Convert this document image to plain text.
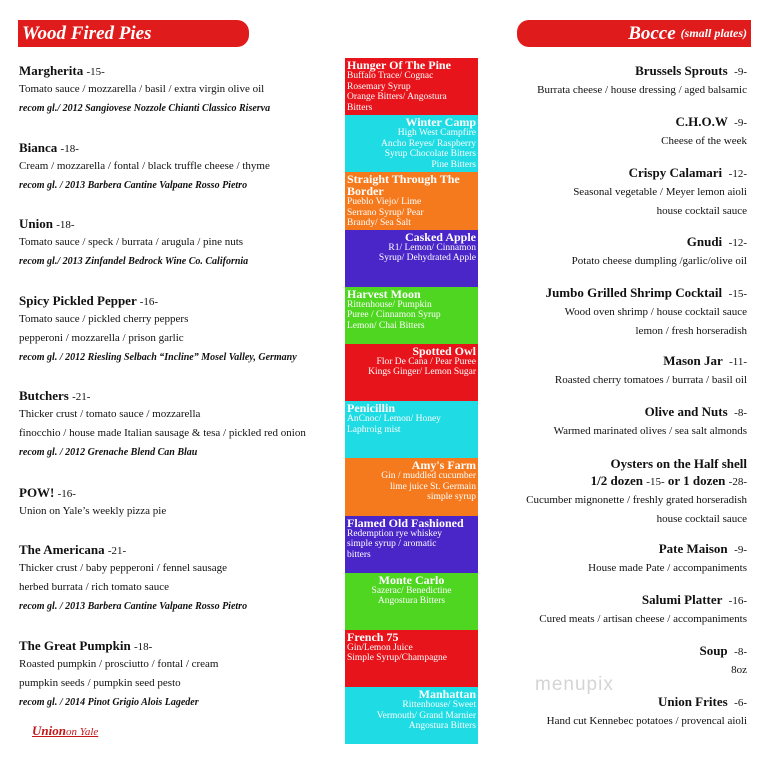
Wood Fired Pies	Bocce (small plates)
Margherita -15-
Tomato sauce / mozzarella / basil / extra virgin olive oil
recom gl./ 2012 Sangiovese Nozzole Chianti Classico Riserva
Bianca -18-
Cream / mozzarella / fontal / black truffle cheese / thyme
recom gl. / 2013 Barbera Cantine Valpane Rosso Pietro
Union -18-
Tomato sauce / speck / burrata / arugula / pine nuts
recom gl./ 2013 Zinfandel Bedrock Wine Co. California
Spicy Pickled Pepper -16-
Tomato sauce / pickled cherry peppers
pepperoni / mozzarella / prison garlic
recom gl. / 2012 Riesling Selbach “Incline” Mosel Valley, Germany
Butchers -21-
Thicker crust / tomato sauce / mozzarella
finocchio / house made Italian sausage & tesa / pickled red onion
recom gl. / 2012 Grenache Blend Can Blau
POW! -16-
Union on Yale’s weekly pizza pie
The Americana -21-
Thicker crust / baby pepperoni / fennel sausage
herbed burrata / rich tomato sauce
recom gl. / 2013 Barbera Cantine Valpane Rosso Pietro
The Great Pumpkin -18-
Roasted pumpkin / prosciutto / fontal / cream
pumpkin seeds / pumpkin seed pesto
recom gl. / 2014 Pinot Grigio Alois Lageder
Hunger Of The Pine
Buffalo Trace/ Cognac
Rosemary Syrup
Orange Bitters/ Angostura
Bitters
Winter Camp
High West Campfire
Ancho Reyes/ Raspberry
Syrup Chocolate Bitters
Pine Bitters
Straight Through The Border
Pueblo Viejo/ Lime
Serrano Syrup/ Pear
Brandy/ Sea Salt
Casked Apple
R1/ Lemon/ Cinnamon
Syrup/ Dehydrated Apple
Harvest Moon
Rittenhouse/ Pumpkin
Puree / Cinnamon Syrup
Lemon/ Chai Bitters
Spotted Owl
Flor De Cana / Pear Puree
Kings Ginger/ Lemon Sugar
Penicillin
AnCnoc/ Lemon/ Honey
Laphroig mist
Amy's Farm
Gin / muddled cucumber
lime juice St. Germain
simple syrup
Flamed Old Fashioned
Redemption rye whiskey
simple syrup / aromatic
bitters
Monte Carlo
Sazerac/ Benedictine
Angostura Bitters
French 75
Gin/Lemon Juice
Simple Syrup/Champagne
Manhattan
Rittenhouse/ Sweet
Vermouth/ Grand Marnier
Angostura Bitters
Brussels Sprouts -9-
Burrata cheese / house dressing / aged balsamic
C.H.O.W -9-
Cheese of the week
Crispy Calamari -12-
Seasonal vegetable / Meyer lemon aioli
house cocktail sauce
Gnudi -12-
Potato cheese dumpling /garlic/olive oil
Jumbo Grilled Shrimp Cocktail -15-
Wood oven shrimp / house cocktail sauce
lemon / fresh horseradish
Mason Jar -11-
Roasted cherry tomatoes / burrata / basil oil
Olive and Nuts -8-
Warmed marinated olives / sea salt almonds
Oysters on the Half shell
1/2 dozen -15- or 1 dozen -28-
Cucumber mignonette / freshly grated horseradish
house cocktail sauce
Pate Maison -9-
House made Pate / accompaniments
Salumi Platter -16-
Cured meats / artisan cheese / accompaniments
Soup -8-
8oz
Union Frites -6-
Hand cut Kennebec potatoes / provencal aioli
Unionon Yale
menupix
